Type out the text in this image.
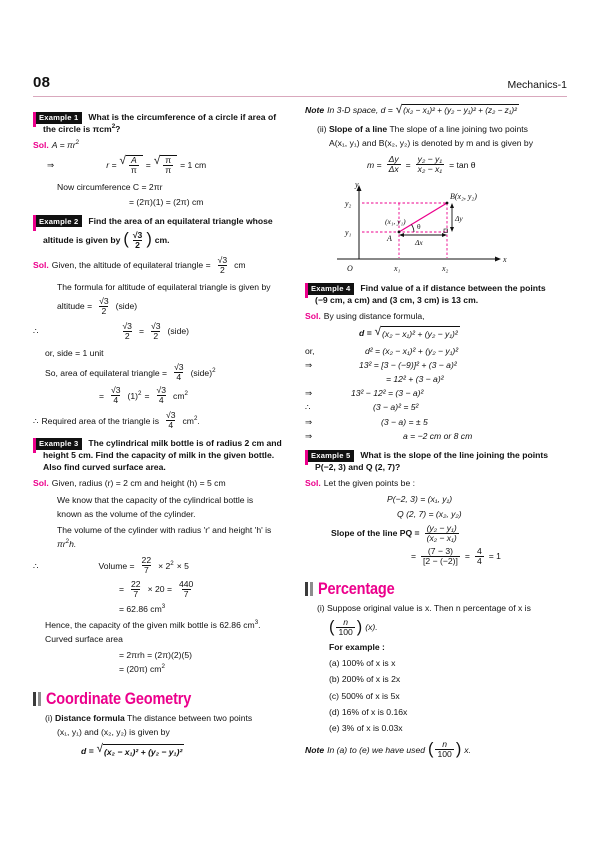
08	Mechanics-1
Example 1	What is the circumference of a circle if area of
the circle is πcm$^2$?
Sol. $A = \pi r^2$
⇒	r = √ $\frac{A}{\pi}$ = √ $\frac{\pi}{\pi} = 1$ cm
Now circumference C = 2πr
= (2π)(1) = (2π) cm
Example 2	Find the area of an equilateral triangle whose
altitude is given by ( $\frac{√3}{2}$ ) cm.
Sol. Given, the altitude of equilateral triangle = $\frac{√3}{2}$ cm
The formula for altitude of equilateral triangle is given by
altitude = $\frac{√3}{2}$ (side)
∴	$\frac{√3}{2} = \frac{√3}{2}$ (side)
or, side = 1 unit
So, area of equilateral triangle = $\frac{√3}{4}$ (side)$^2$
= $\frac{√3}{4} (1)^2 = \frac{√3}{4} cm^2$
∴ Required area of the triangle is $\frac{√3}{4} cm^2$.
Example 3	The cylindrical milk bottle is of radius 2 cm and
height 5 cm. Find the capacity of milk in the given bottle.
Also find curved surface area.
Sol. Given, radius (r) = 2 cm and height (h) = 5 cm
We know that the capacity of the cylindrical bottle is
known as the volume of the cylinder.
The volume of the cylinder with radius 'r' and height 'h' is
$\pi r^2h$.
∴	Volume = $\frac{22}{7} \times 2^2 \times 5$
= $\frac{22}{7} \times 20 = \frac{440}{7}$
= 62.86 $cm^3$
Hence, the capacity of the given milk bottle is 62.86 $cm^3$.
Curved surface area
= 2πrh = (2π)(2)(5)
= (20π) $cm^2$
Coordinate Geometry
(i) Distance formula The distance between two points
(x₁, y₁) and (x₂, y₂) is given by
d = √ (x₂ − x₁)² + (y₂ − y₁)²
Note In 3-D space, d = √ (x₂ − x₁)² + (y₂ − y₁)² + (z₂ − z₁)²
(ii) Slope of a line The slope of a line joining two points
A(x₁, y₁) and B(x₂, y₂) is denoted by m and is given by
$m = \frac{\Delta y}{\Delta x} = \frac{\text{y₂ − y₁}}{\text{x₂ − x₁}} = \tan \theta$
y
x
O
y₂
y₁
x₁	x₂
A
B(x₂, y₂)
(x₁, y₁)
θ
Δy
Δx
Example 4	Find value of a if distance between the points
(−9 cm, a cm) and (3 cm, 3 cm) is 13 cm.
Sol. By using distance formula,
d = √ (x₂ − x₁)² + (y₂ − y₁)²
or,	d² = (x₂ − x₁)² + (y₂ − y₁)²
⇒	13² = [3 − (−9)]² + (3 − a)²
= 12² + (3 − a)²
⇒	13² − 12² = (3 − a)²
∴	(3 − a)² = 5²
⇒	(3 − a) = ± 5
⇒	a = −2 cm or 8 cm
Example 5	What is the slope of the line joining the points
P(−2, 3) and Q (2, 7)?
Sol. Let the given points be :
P(−2, 3) = (x₁, y₁)
Q (2, 7) = (x₂, y₂)
Slope of the line PQ = $\frac{\text{(y₂ − y₁)}}{\text{(x₂ − x₁)}}$
= $\frac{(7 - 3)}{[2 - (-2)]} = \frac{4}{4} = 1$
Percentage
(i) Suppose original value is x. Then n percentage of x is
( $\frac{n}{100}$ ) (x).
For example :
(a) 100% of x is x
(b) 200% of x is 2x
(c) 500% of x is 5x
(d) 16% of x is 0.16x
(e) 3% of x is 0.03x
Note In (a) to (e) we have used ( $\frac{n}{100}$ ) x.
